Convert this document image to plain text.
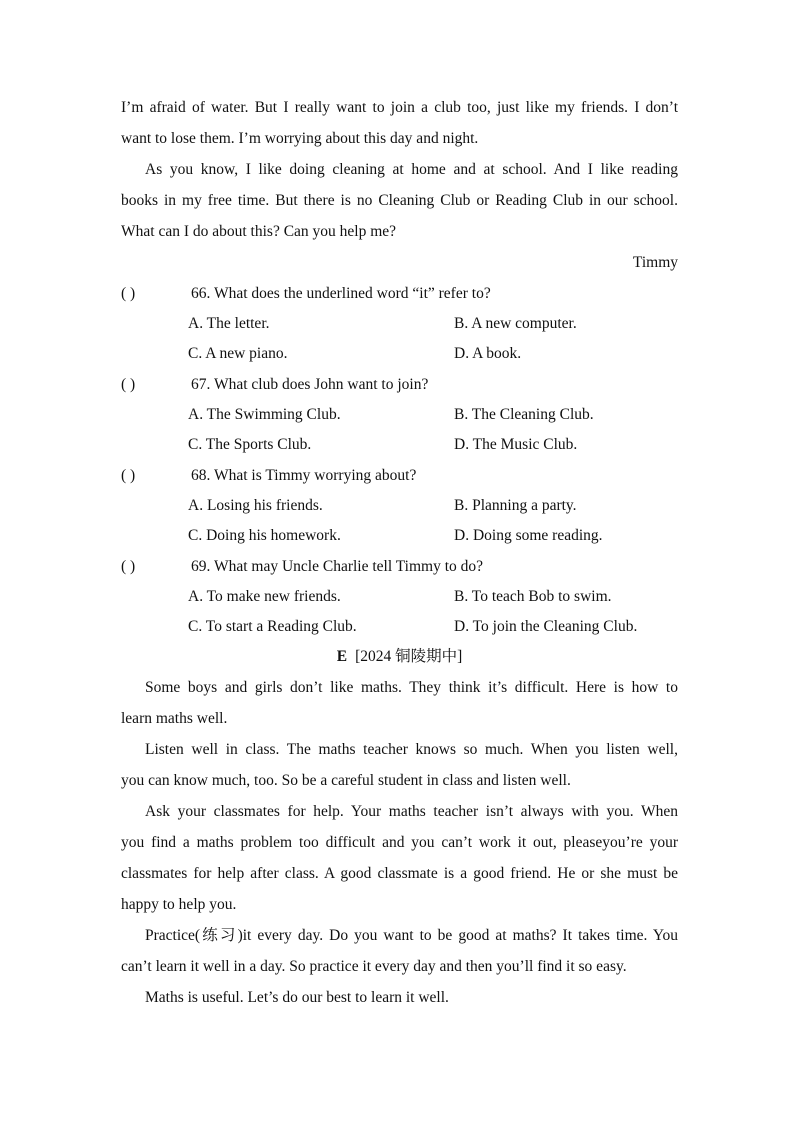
I’m afraid of water. But I really want to join a club too, just like my friends. I don’t
want to lose them. I’m worrying about this day and night.
As you know, I like doing cleaning at home and at school. And I like reading
books in my free time. But there is no Cleaning Club or Reading Club in our school.
What can I do about this? Can you help me?
Timmy
( )	66. What does the underlined word “it” refer to?
A. The letter.	B. A new computer.
C. A new piano.	D. A book.
( )	67. What club does John want to join?
A. The Swimming Club.	B. The Cleaning Club.
C. The Sports Club.	D. The Music Club.
( )	68. What is Timmy worrying about?
A. Losing his friends.	B. Planning a party.
C. Doing his homework.	D. Doing some reading.
( )	69. What may Uncle Charlie tell Timmy to do?
A. To make new friends.	B. To teach Bob to swim.
C. To start a Reading Club.	D. To join the Cleaning Club.
E [2024 铜陵期中]
Some boys and girls don’t like maths. They think it’s difficult. Here is how to
learn maths well.
Listen well in class. The maths teacher knows so much. When you listen well,
you can know much, too. So be a careful student in class and listen well.
Ask your classmates for help. Your maths teacher isn’t always with you. When
you find a maths problem too difficult and you can’t work it out, pleaseyou’re your
classmates for help after class. A good classmate is a good friend. He or she must be
happy to help you.
Practice(练习)it every day. Do you want to be good at maths? It takes time. You
can’t learn it well in a day. So practice it every day and then you’ll find it so easy.
Maths is useful. Let’s do our best to learn it well.
